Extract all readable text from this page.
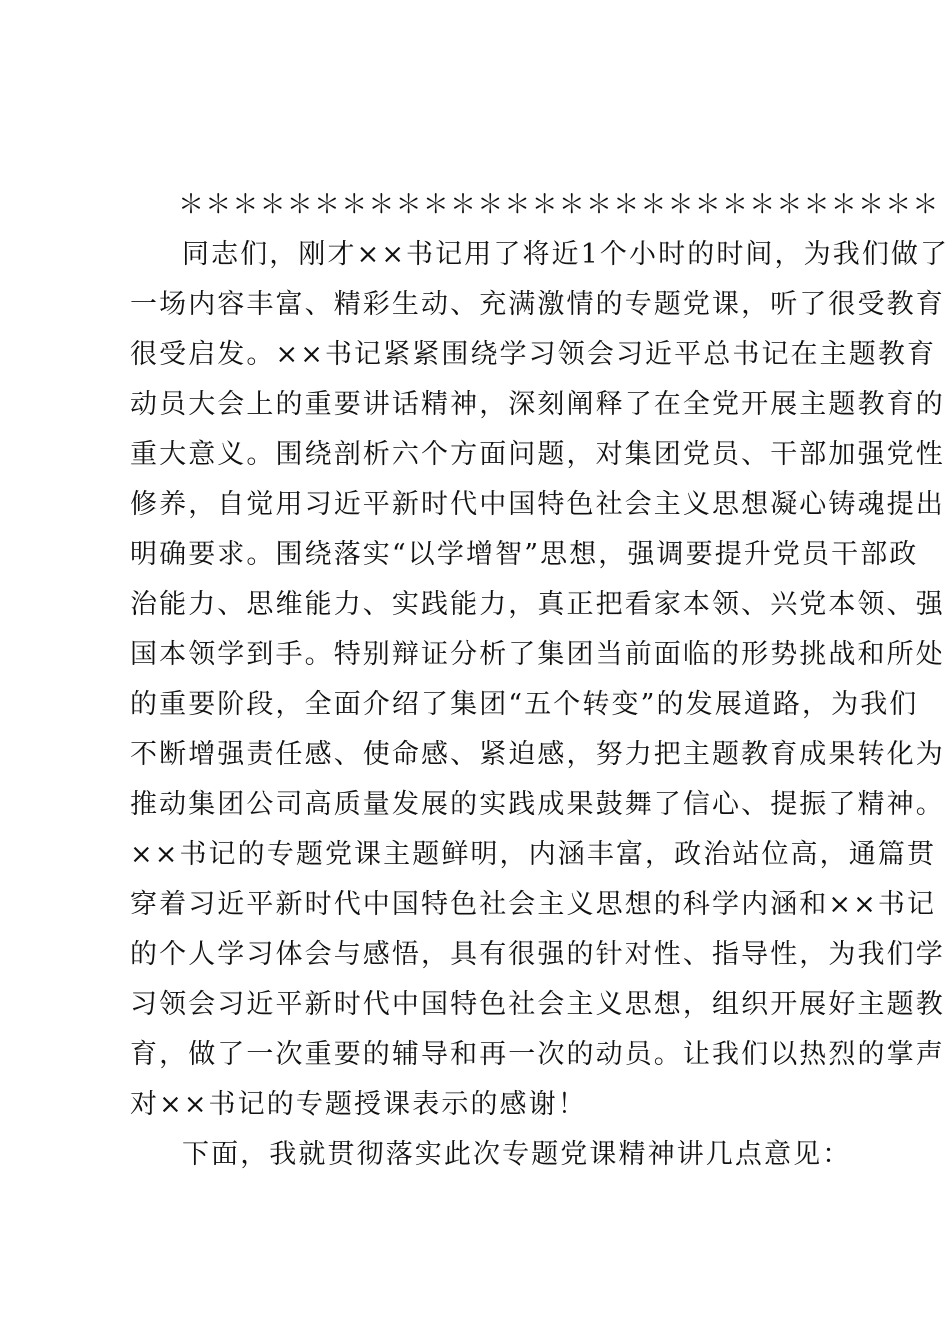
＊＊＊＊＊＊＊＊＊＊＊＊＊＊＊＊＊＊＊＊＊＊＊＊＊＊＊＊
同志们，刚才××书记用了将近1个小时的时间，为我们做了
一场内容丰富、精彩生动、充满激情的专题党课，听了很受教育
很受启发。××书记紧紧围绕学习领会习近平总书记在主题教育
动员大会上的重要讲话精神，深刻阐释了在全党开展主题教育的
重大意义。围绕剖析六个方面问题，对集团党员、干部加强党性
修养，自觉用习近平新时代中国特色社会主义思想凝心铸魂提出
明确要求。围绕落实“以学增智”思想，强调要提升党员干部政
治能力、思维能力、实践能力，真正把看家本领、兴党本领、强
国本领学到手。特别辩证分析了集团当前面临的形势挑战和所处
的重要阶段，全面介绍了集团“五个转变”的发展道路，为我们
不断增强责任感、使命感、紧迫感，努力把主题教育成果转化为
推动集团公司高质量发展的实践成果鼓舞了信心、提振了精神。
××书记的专题党课主题鲜明，内涵丰富，政治站位高，通篇贯
穿着习近平新时代中国特色社会主义思想的科学内涵和××书记
的个人学习体会与感悟，具有很强的针对性、指导性，为我们学
习领会习近平新时代中国特色社会主义思想，组织开展好主题教
育，做了一次重要的辅导和再一次的动员。让我们以热烈的掌声
对××书记的专题授课表示的感谢！
下面，我就贯彻落实此次专题党课精神讲几点意见：
